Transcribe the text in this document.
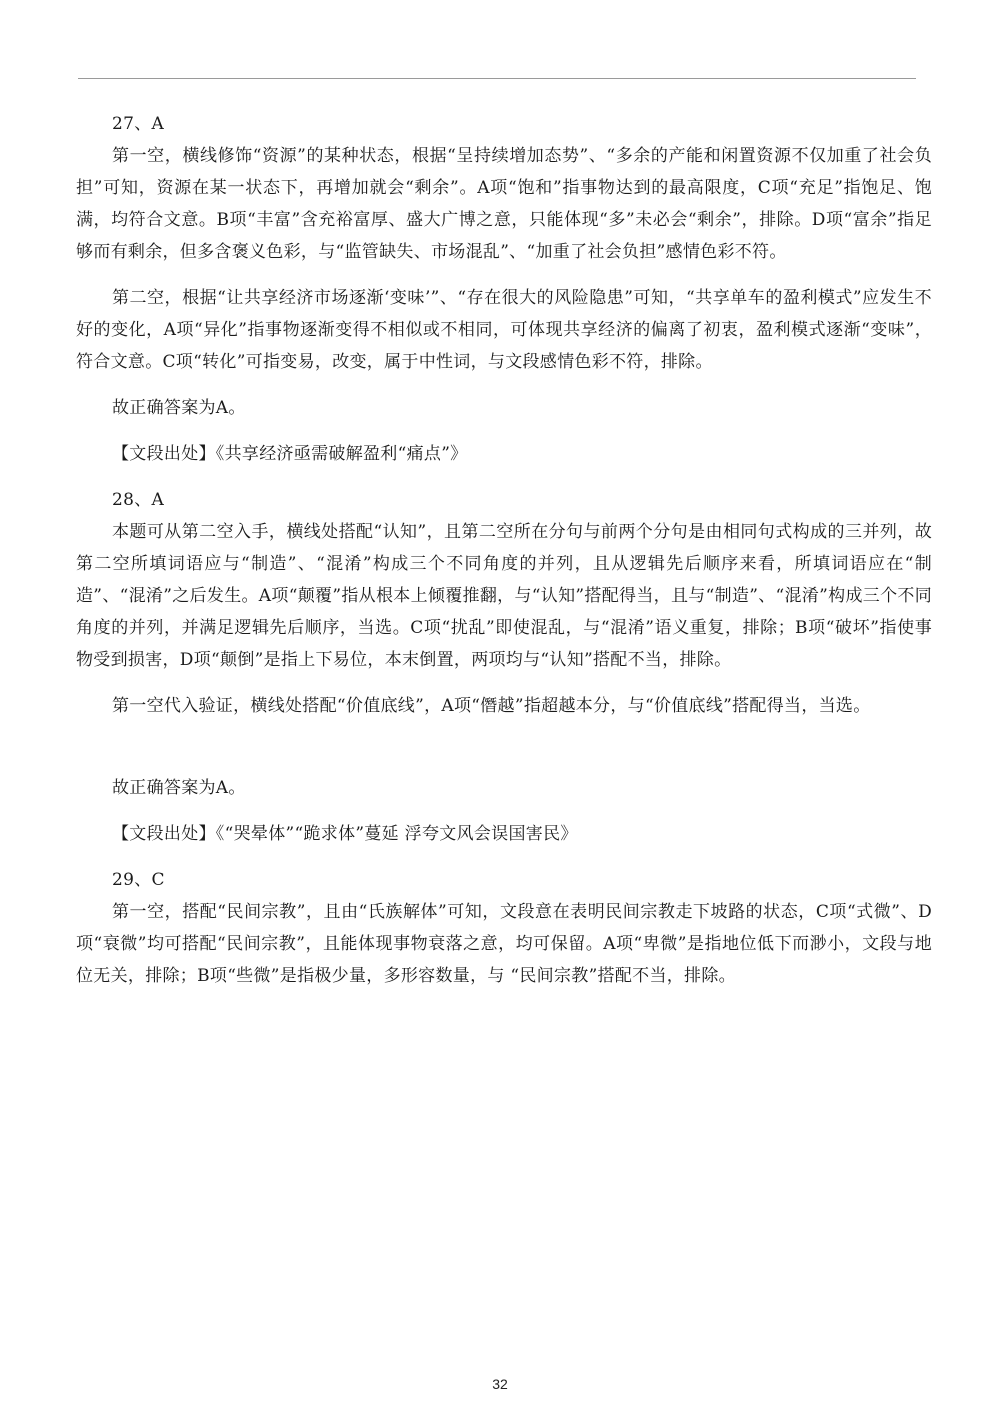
27、A

第一空，横线修饰“资源”的某种状态，根据“呈持续增加态势”、“多余的产能和闲置资源不仅加重了社会负担”可知，资源在某一状态下，再增加就会“剩余”。A项“饱和”指事物达到的最高限度，C项“充足”指饱足、饱满，均符合文意。B项“丰富”含充裕富厚、盛大广博之意，只能体现“多”未必会“剩余”，排除。D项“富余”指足够而有剩余，但多含褒义色彩，与“监管缺失、市场混乱”、“加重了社会负担”感情色彩不符。

第二空，根据“让共享经济市场逐渐‘变味’”、“存在很大的风险隐患”可知，“共享单车的盈利模式”应发生不好的变化，A项“异化”指事物逐渐变得不相似或不相同，可体现共享经济的偏离了初衷，盈利模式逐渐“变味”，符合文意。C项“转化”可指变易，改变，属于中性词，与文段感情色彩不符，排除。

故正确答案为A。

【文段出处】《共享经济亟需破解盈利“痛点”》

28、A

本题可从第二空入手，横线处搭配“认知”，且第二空所在分句与前两个分句是由相同句式构成的三并列，故第二空所填词语应与“制造”、“混淆”构成三个不同角度的并列，且从逻辑先后顺序来看，所填词语应在“制造”、“混淆”之后发生。A项“颠覆”指从根本上倾覆推翻，与“认知”搭配得当，且与“制造”、“混淆”构成三个不同角度的并列，并满足逻辑先后顺序，当选。C项“扰乱”即使混乱，与“混淆”语义重复，排除；B项“破坏”指使事物受到损害，D项“颠倒”是指上下易位，本末倒置，两项均与“认知”搭配不当，排除。

第一空代入验证，横线处搭配“价值底线”，A项“僭越”指超越本分，与“价值底线”搭配得当，当选。

故正确答案为A。

【文段出处】《“哭晕体”“跪求体”蔓延 浮夸文风会误国害民》

29、C

第一空，搭配“民间宗教”，且由“氏族解体”可知，文段意在表明民间宗教走下坡路的状态，C项“式微”、D项“衰微”均可搭配“民间宗教”，且能体现事物衰落之意，均可保留。A项“卑微”是指地位低下而渺小，文段与地位无关，排除；B项“些微”是指极少量，多形容数量，与 “民间宗教”搭配不当，排除。

32
